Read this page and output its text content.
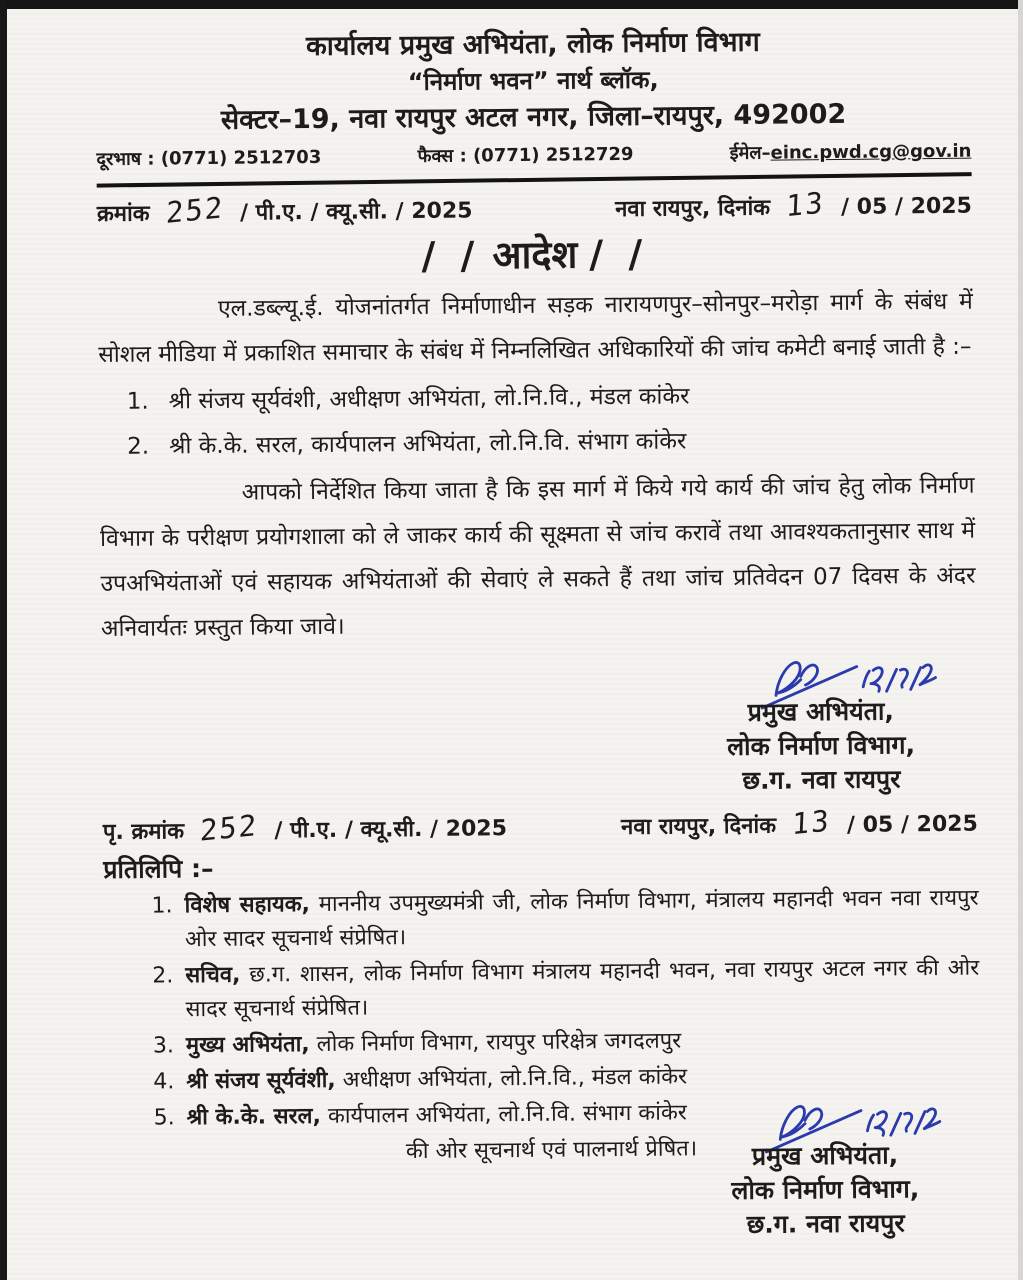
कार्यालय प्रमुख अभियंता, लोक निर्माण विभाग
“निर्माण भवन” नार्थ ब्लॉक,
सेक्टर–19, नवा रायपुर अटल नगर, जिला–रायपुर, 492002
दूरभाष : (0771) 2512703	फैक्स : (0771) 2512729	ईमेल–einc.pwd.cg@gov.in
क्रमांक 252 / पी.ए. / क्यू.सी. / 2025	नवा रायपुर, दिनांक 13 / 05 / 2025
/ / आदेश / /

एल.डब्ल्यू.ई. योजनांतर्गत निर्माणाधीन सड़क नारायणपुर–सोनपुर–मरोड़ा मार्ग के संबंध में सोशल मीडिया में प्रकाशित समाचार के संबंध में निम्नलिखित अधिकारियों की जांच कमेटी बनाई जाती है :–

1. श्री संजय सूर्यवंशी, अधीक्षण अभियंता, लो.नि.वि., मंडल कांकेर
2. श्री के.के. सरल, कार्यपालन अभियंता, लो.नि.वि. संभाग कांकेर

आपको निर्देशित किया जाता है कि इस मार्ग में किये गये कार्य की जांच हेतु लोक निर्माण विभाग के परीक्षण प्रयोगशाला को ले जाकर कार्य की सूक्ष्मता से जांच करावें तथा आवश्यकतानुसार साथ में उपअभियंताओं एवं सहायक अभियंताओं की सेवाएं ले सकते हैं तथा जांच प्रतिवेदन 07 दिवस के अंदर अनिवार्यतः प्रस्तुत किया जावे।

प्रमुख अभियंता,
लोक निर्माण विभाग,
छ.ग. नवा रायपुर
पृ. क्रमांक 252 / पी.ए. / क्यू.सी. / 2025	नवा रायपुर, दिनांक 13 / 05 / 2025
प्रतिलिपि :–
1. विशेष सहायक, माननीय उपमुख्यमंत्री जी, लोक निर्माण विभाग, मंत्रालय महानदी भवन नवा रायपुर ओर सादर सूचनार्थ संप्रेषित।
2. सचिव, छ.ग. शासन, लोक निर्माण विभाग मंत्रालय महानदी भवन, नवा रायपुर अटल नगर की ओर सादर सूचनार्थ संप्रेषित।
3. मुख्य अभियंता, लोक निर्माण विभाग, रायपुर परिक्षेत्र जगदलपुर
4. श्री संजय सूर्यवंशी, अधीक्षण अभियंता, लो.नि.वि., मंडल कांकेर
5. श्री के.के. सरल, कार्यपालन अभियंता, लो.नि.वि. संभाग कांकेर
की ओर सूचनार्थ एवं पालनार्थ प्रेषित।	प्रमुख अभियंता,
लोक निर्माण विभाग,
छ.ग. नवा रायपुर
